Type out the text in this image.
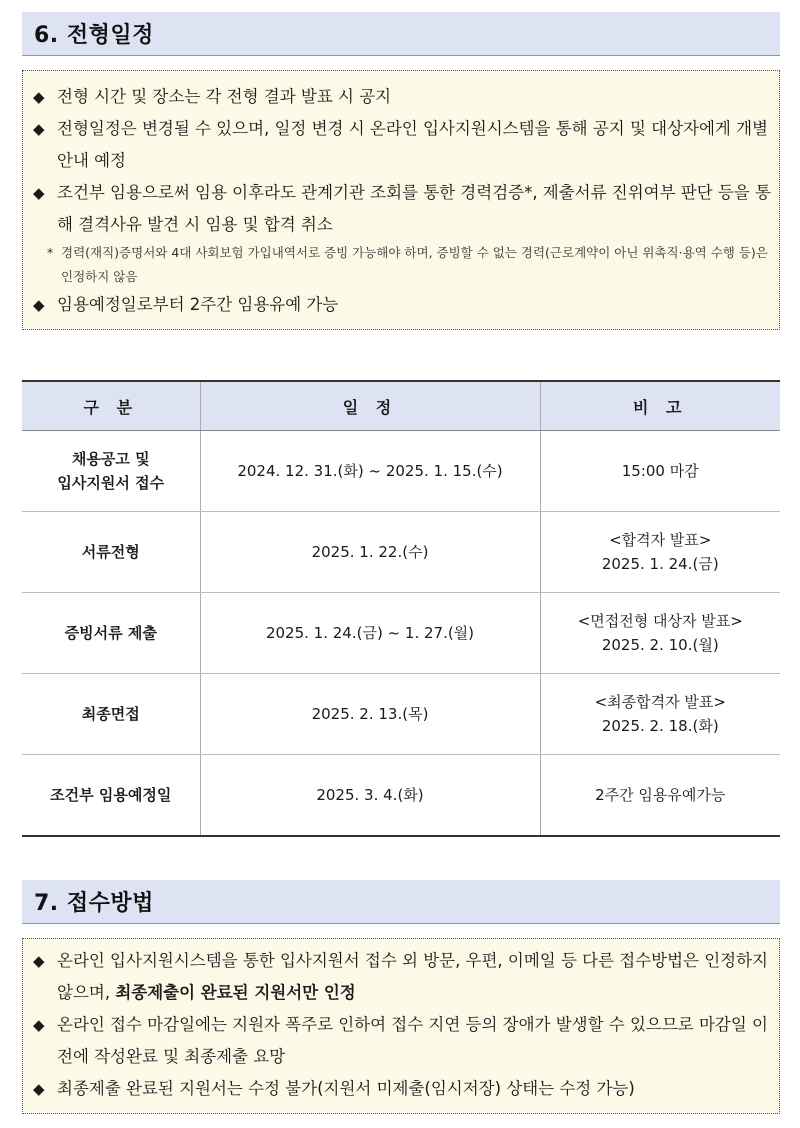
6. 전형일정
◆ 전형 시간 및 장소는 각 전형 결과 발표 시 공지
◆ 전형일정은 변경될 수 있으며, 일정 변경 시 온라인 입사지원시스템을 통해 공지 및 대상자에게 개별 안내 예정
◆ 조건부 임용으로써 임용 이후라도 관계기관 조회를 통한 경력검증*, 제출서류 진위여부 판단 등을 통해 결격사유 발견 시 임용 및 합격 취소
* 경력(재직)증명서와 4대 사회보험 가입내역서로 증빙 가능해야 하며, 증빙할 수 없는 경력(근로계약이 아닌 위촉직·용역 수행 등)은 인정하지 않음
◆ 임용예정일로부터 2주간 임용유예 가능
구 분	일 정	비 고
채용공고 및
입사지원서 접수	2024. 12. 31.(화) ~ 2025. 1. 15.(수)	15:00 마감
서류전형	2025. 1. 22.(수)	<합격자 발표>
2025. 1. 24.(금)
증빙서류 제출	2025. 1. 24.(금) ~ 1. 27.(월)	<면접전형 대상자 발표>
2025. 2. 10.(월)
최종면접	2025. 2. 13.(목)	<최종합격자 발표>
2025. 2. 18.(화)
조건부 임용예정일	2025. 3. 4.(화)	2주간 임용유예가능
7. 접수방법
◆ 온라인 입사지원시스템을 통한 입사지원서 접수 외 방문, 우편, 이메일 등 다른 접수방법은 인정하지 않으며, 최종제출이 완료된 지원서만 인정
◆ 온라인 접수 마감일에는 지원자 폭주로 인하여 접수 지연 등의 장애가 발생할 수 있으므로 마감일 이전에 작성완료 및 최종제출 요망
◆ 최종제출 완료된 지원서는 수정 불가(지원서 미제출(임시저장) 상태는 수정 가능)
